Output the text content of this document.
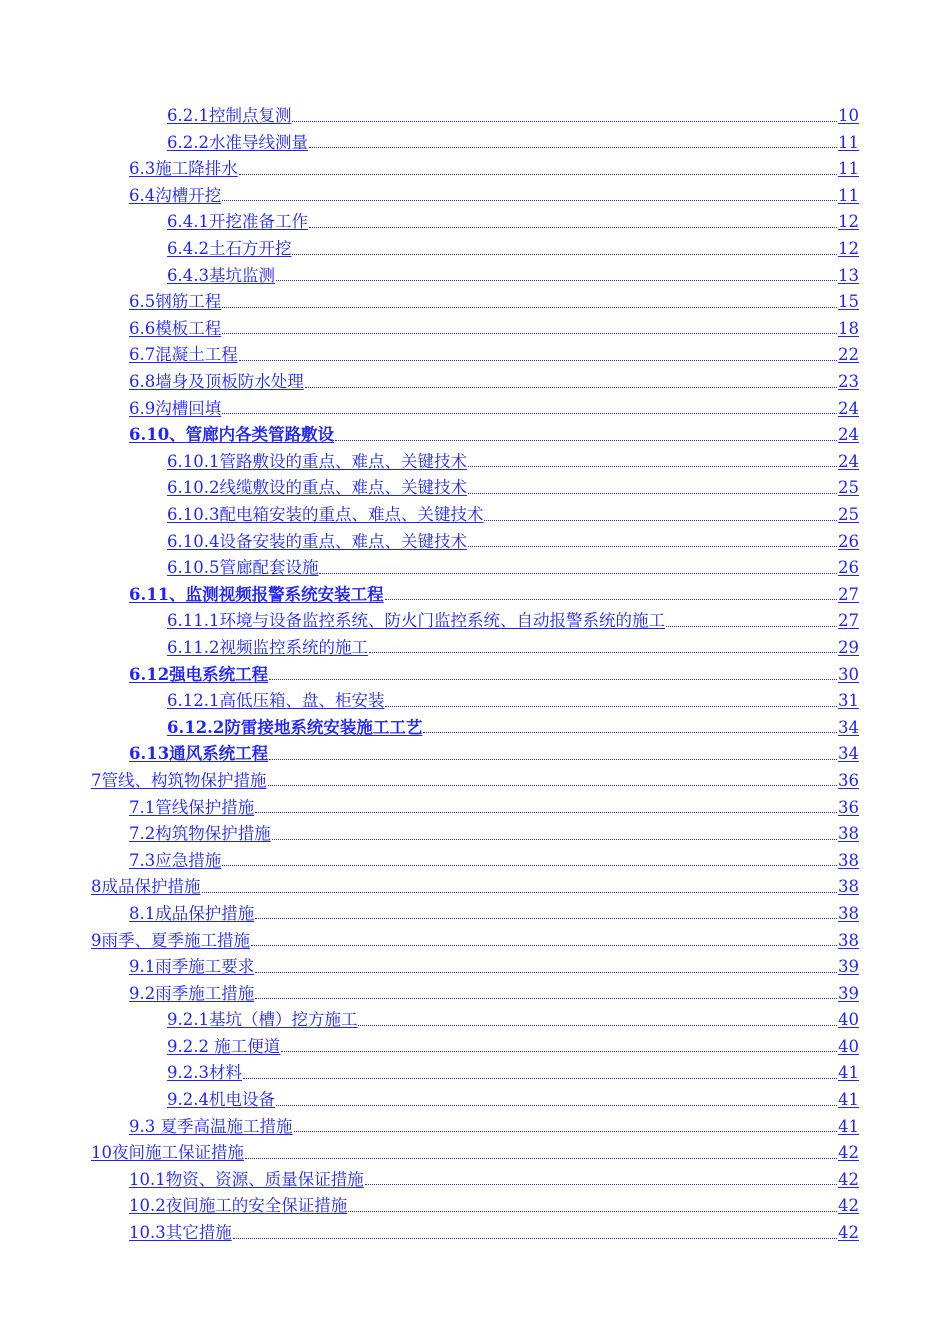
6.2.1控制点复测	10
6.2.2水准导线测量	11
6.3施工降排水	11
6.4沟槽开挖	11
6.4.1开挖准备工作	12
6.4.2土石方开挖	12
6.4.3基坑监测	13
6.5钢筋工程	15
6.6模板工程	18
6.7混凝土工程	22
6.8墙身及顶板防水处理	23
6.9沟槽回填	24
6.10、管廊内各类管路敷设	24
6.10.1管路敷设的重点、难点、关键技术	24
6.10.2线缆敷设的重点、难点、关键技术	25
6.10.3配电箱安装的重点、难点、关键技术	25
6.10.4设备安装的重点、难点、关键技术	26
6.10.5管廊配套设施	26
6.11、监测视频报警系统安装工程	27
6.11.1环境与设备监控系统、防火门监控系统、自动报警系统的施工	27
6.11.2视频监控系统的施工	29
6.12强电系统工程	30
6.12.1高低压箱、盘、柜安装	31
6.12.2防雷接地系统安装施工工艺	34
6.13通风系统工程	34
7管线、构筑物保护措施	36
7.1管线保护措施	36
7.2构筑物保护措施	38
7.3应急措施	38
8成品保护措施	38
8.1成品保护措施	38
9雨季、夏季施工措施	38
9.1雨季施工要求	39
9.2雨季施工措施	39
9.2.1基坑（槽）挖方施工	40
9.2.2 施工便道	40
9.2.3材料	41
9.2.4机电设备	41
9.3 夏季高温施工措施	41
10夜间施工保证措施	42
10.1物资、资源、质量保证措施	42
10.2夜间施工的安全保证措施	42
10.3其它措施	42
